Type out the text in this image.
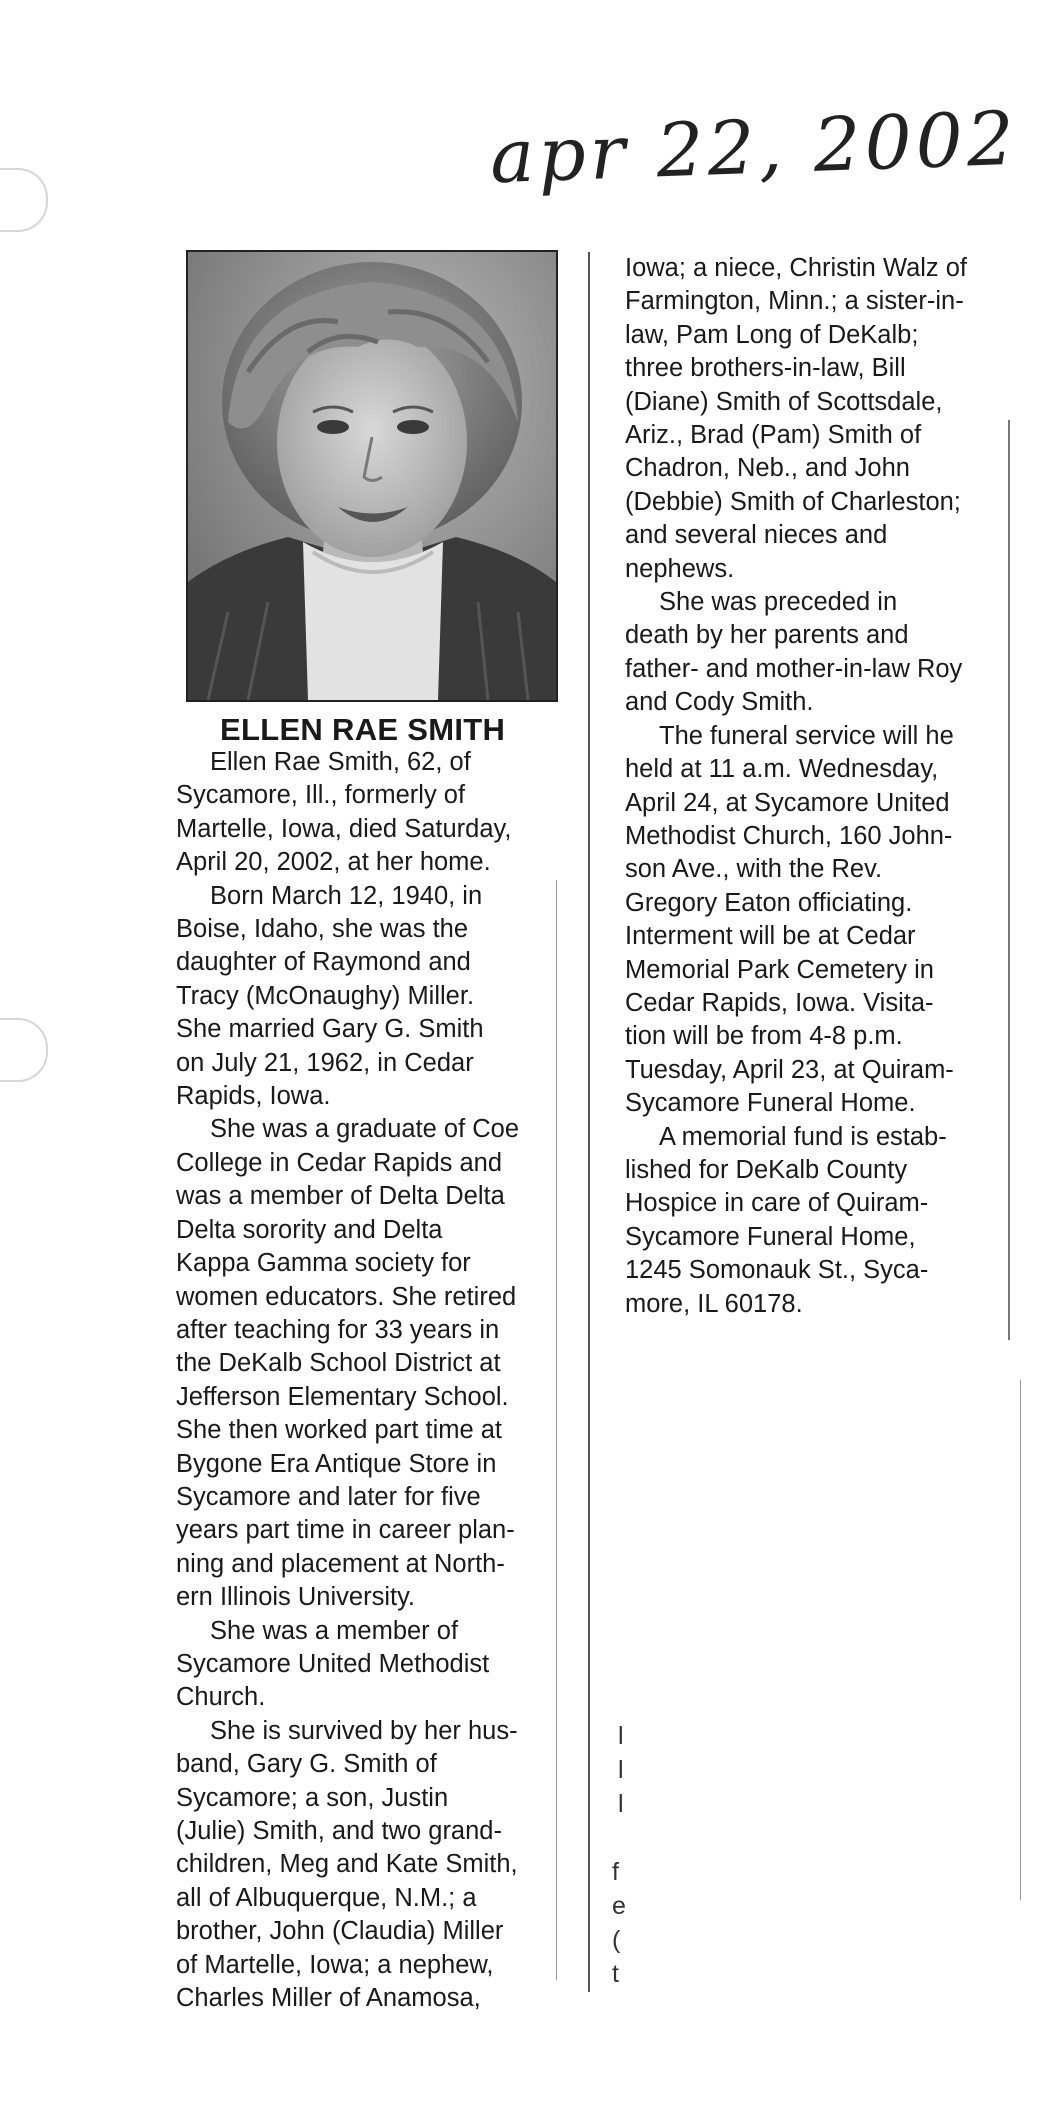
apr 22, 2002
ELLEN RAE SMITH
Ellen Rae Smith, 62, of
Sycamore, Ill., formerly of
Martelle, Iowa, died Saturday,
April 20, 2002, at her home.
Born March 12, 1940, in
Boise, Idaho, she was the
daughter of Raymond and
Tracy (McOnaughy) Miller.
She married Gary G. Smith
on July 21, 1962, in Cedar
Rapids, Iowa.
She was a graduate of Coe
College in Cedar Rapids and
was a member of Delta Delta
Delta sorority and Delta
Kappa Gamma society for
women educators. She retired
after teaching for 33 years in
the DeKalb School District at
Jefferson Elementary School.
She then worked part time at
Bygone Era Antique Store in
Sycamore and later for five
years part time in career plan-
ning and placement at North-
ern Illinois University.
She was a member of
Sycamore United Methodist
Church.
She is survived by her hus-
band, Gary G. Smith of
Sycamore; a son, Justin
(Julie) Smith, and two grand-
children, Meg and Kate Smith,
all of Albuquerque, N.M.; a
brother, John (Claudia) Miller
of Martelle, Iowa; a nephew,
Charles Miller of Anamosa,
Iowa; a niece, Christin Walz of
Farmington, Minn.; a sister-in-
law, Pam Long of DeKalb;
three brothers-in-law, Bill
(Diane) Smith of Scottsdale,
Ariz., Brad (Pam) Smith of
Chadron, Neb., and John
(Debbie) Smith of Charleston;
and several nieces and
nephews.
She was preceded in
death by her parents and
father- and mother-in-law Roy
and Cody Smith.
The funeral service will he
held at 11 a.m. Wednesday,
April 24, at Sycamore United
Methodist Church, 160 John-
son Ave., with the Rev.
Gregory Eaton officiating.
Interment will be at Cedar
Memorial Park Cemetery in
Cedar Rapids, Iowa. Visita-
tion will be from 4-8 p.m.
Tuesday, April 23, at Quiram-
Sycamore Funeral Home.
A memorial fund is estab-
lished for DeKalb County
Hospice in care of Quiram-
Sycamore Funeral Home,
1245 Somonauk St., Syca-
more, IL 60178.
l
l
l
f
e
(
t
